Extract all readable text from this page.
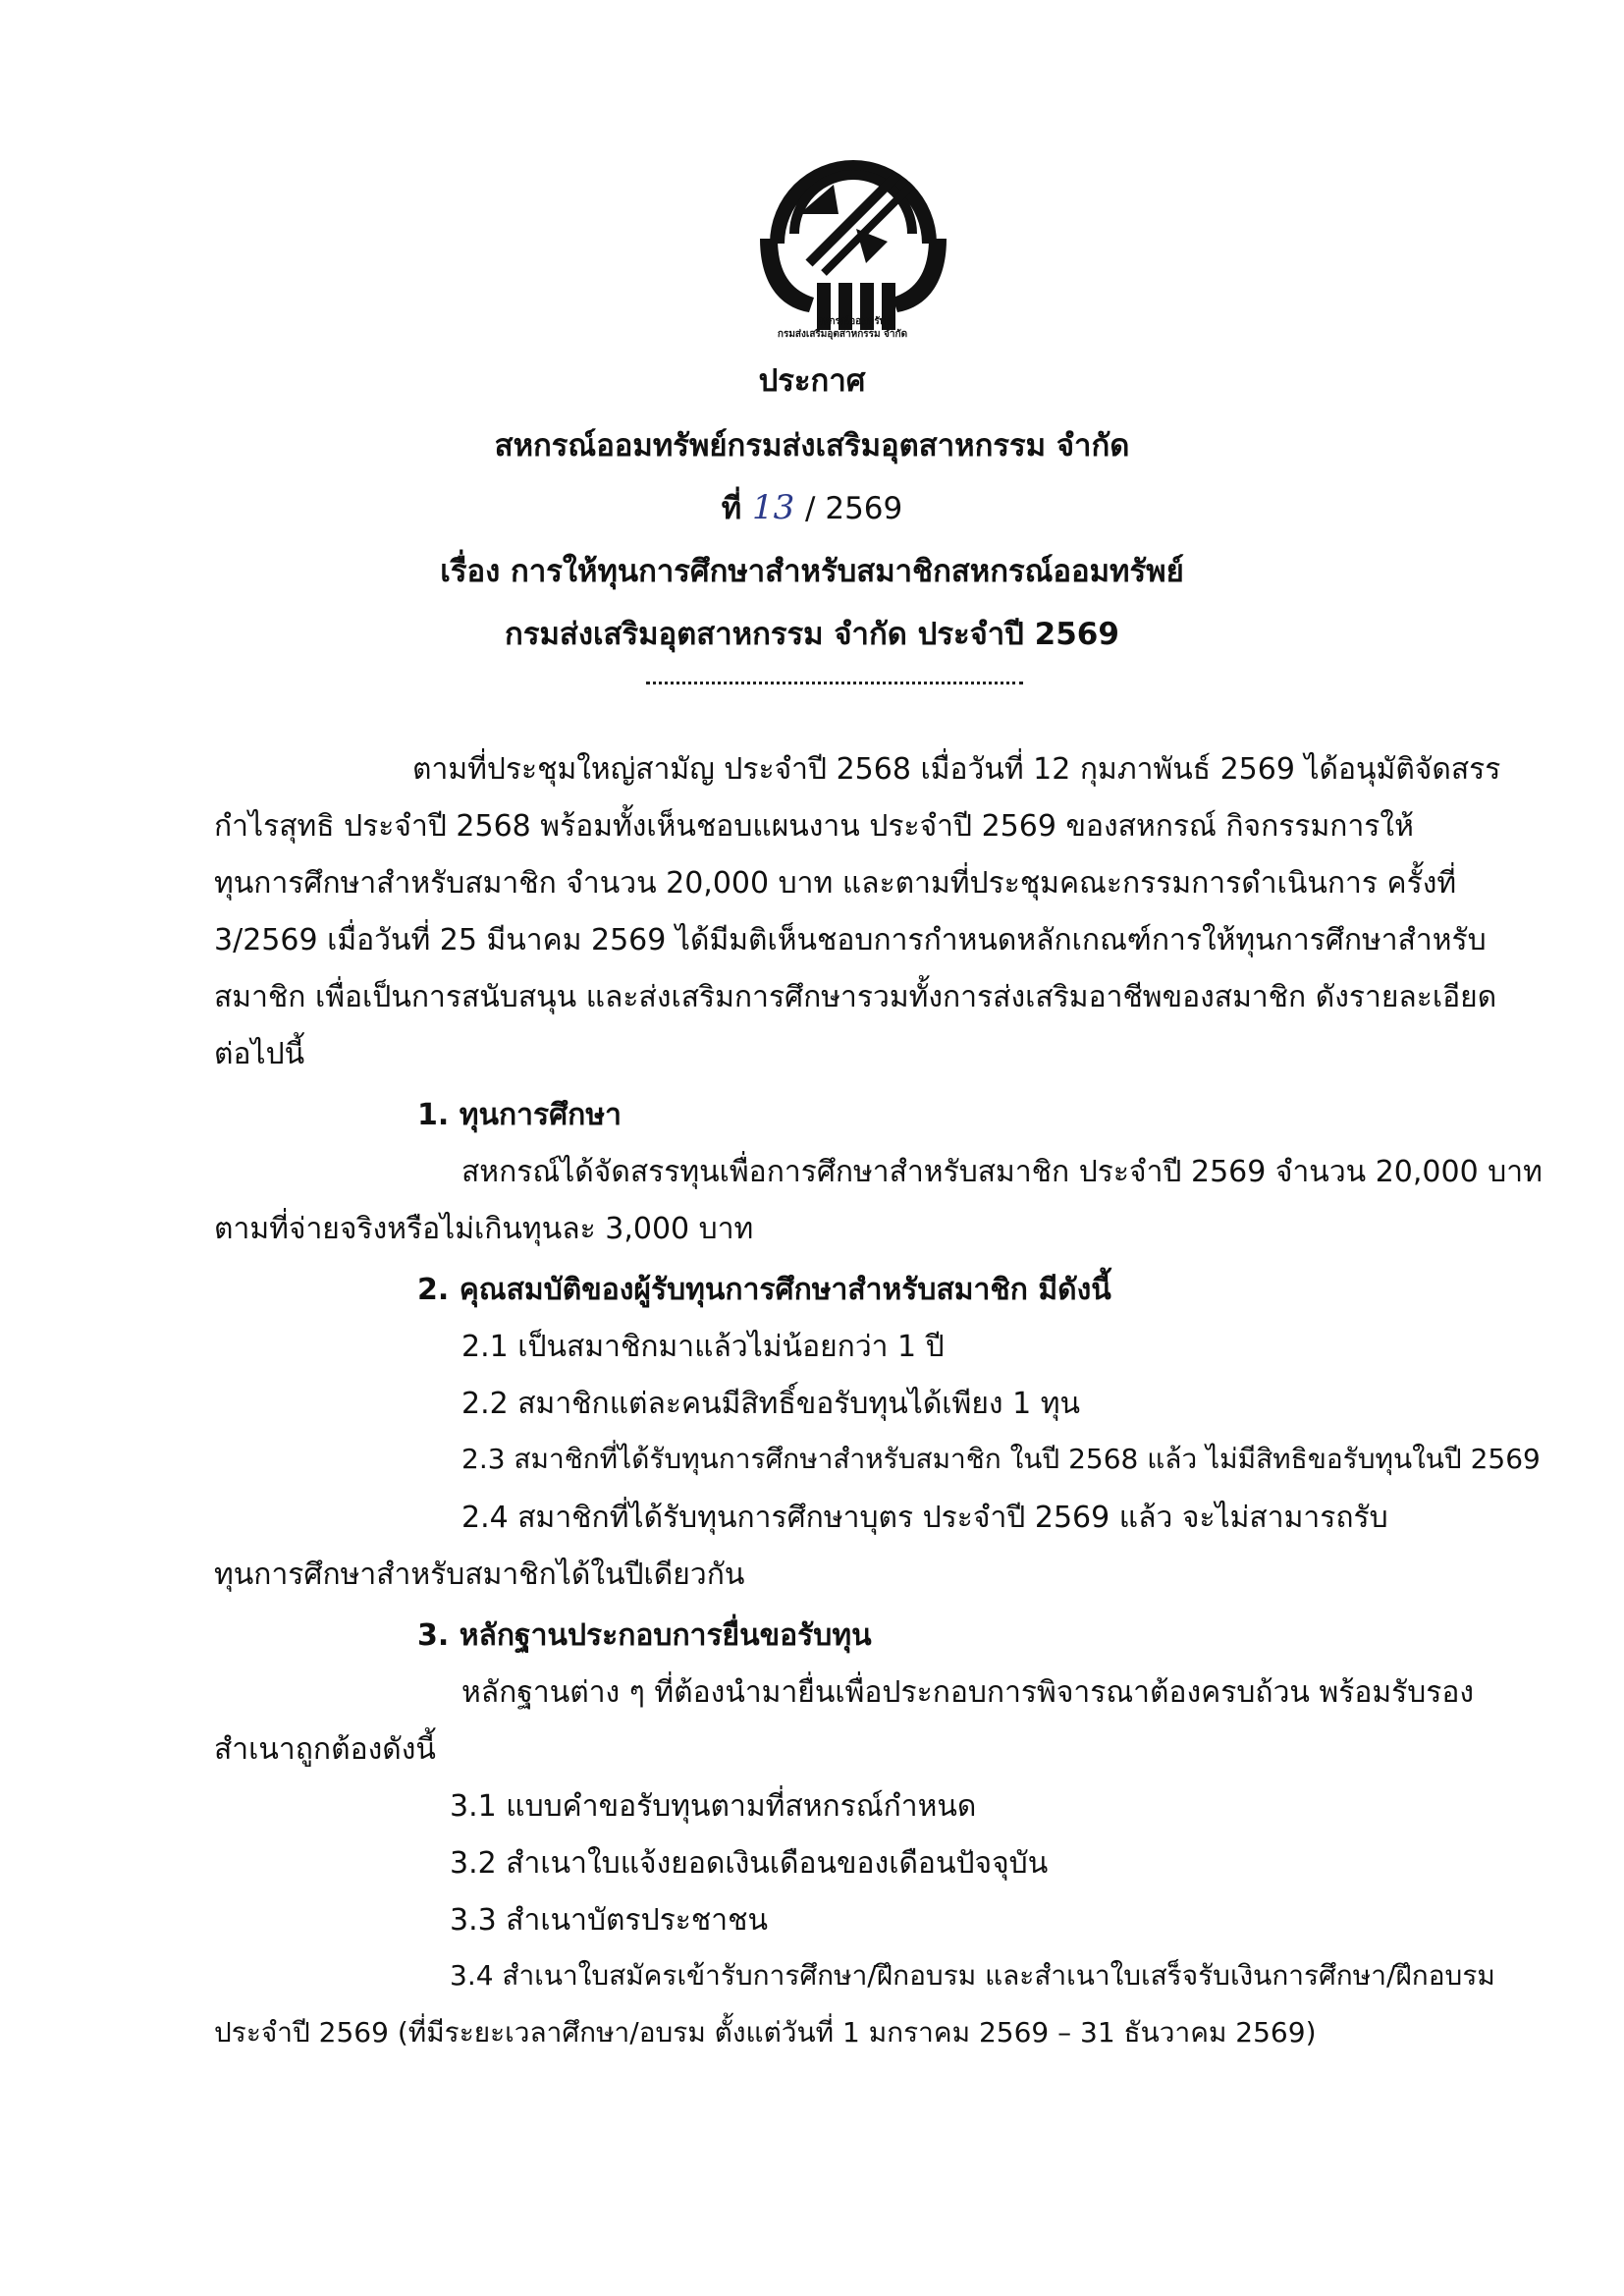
สหกรณ์ออมทรัพย์
กรมส่งเสริมอุตสาหกรรม จำกัด
ประกาศ
สหกรณ์ออมทรัพย์กรมส่งเสริมอุตสาหกรรม จำกัด
ที่ 13 / 2569
เรื่อง การให้ทุนการศึกษาสำหรับสมาชิกสหกรณ์ออมทรัพย์
กรมส่งเสริมอุตสาหกรรม จำกัด ประจำปี 2569
ตามที่ประชุมใหญ่สามัญ ประจำปี 2568 เมื่อวันที่ 12 กุมภาพันธ์ 2569 ได้อนุมัติจัดสรร
กำไรสุทธิ ประจำปี 2568 พร้อมทั้งเห็นชอบแผนงาน ประจำปี 2569 ของสหกรณ์ กิจกรรมการให้
ทุนการศึกษาสำหรับสมาชิก จำนวน 20,000 บาท และตามที่ประชุมคณะกรรมการดำเนินการ ครั้งที่
3/2569 เมื่อวันที่ 25 มีนาคม 2569 ได้มีมติเห็นชอบการกำหนดหลักเกณฑ์การให้ทุนการศึกษาสำหรับ
สมาชิก เพื่อเป็นการสนับสนุน และส่งเสริมการศึกษารวมทั้งการส่งเสริมอาชีพของสมาชิก ดังรายละเอียด
ต่อไปนี้
1. ทุนการศึกษา
สหกรณ์ได้จัดสรรทุนเพื่อการศึกษาสำหรับสมาชิก ประจำปี 2569 จำนวน 20,000 บาท
ตามที่จ่ายจริงหรือไม่เกินทุนละ 3,000 บาท
2. คุณสมบัติของผู้รับทุนการศึกษาสำหรับสมาชิก มีดังนี้
2.1 เป็นสมาชิกมาแล้วไม่น้อยกว่า 1 ปี
2.2 สมาชิกแต่ละคนมีสิทธิ์ขอรับทุนได้เพียง 1 ทุน
2.3 สมาชิกที่ได้รับทุนการศึกษาสำหรับสมาชิก ในปี 2568 แล้ว ไม่มีสิทธิขอรับทุนในปี 2569
2.4 สมาชิกที่ได้รับทุนการศึกษาบุตร ประจำปี 2569 แล้ว จะไม่สามารถรับ
ทุนการศึกษาสำหรับสมาชิกได้ในปีเดียวกัน
3. หลักฐานประกอบการยื่นขอรับทุน
หลักฐานต่าง ๆ ที่ต้องนำมายื่นเพื่อประกอบการพิจารณาต้องครบถ้วน พร้อมรับรอง
สำเนาถูกต้องดังนี้
3.1 แบบคำขอรับทุนตามที่สหกรณ์กำหนด
3.2 สำเนาใบแจ้งยอดเงินเดือนของเดือนปัจจุบัน
3.3 สำเนาบัตรประชาชน
3.4 สำเนาใบสมัครเข้ารับการศึกษา/ฝึกอบรม และสำเนาใบเสร็จรับเงินการศึกษา/ฝึกอบรม
ประจำปี 2569 (ที่มีระยะเวลาศึกษา/อบรม ตั้งแต่วันที่ 1 มกราคม 2569 – 31 ธันวาคม 2569)
